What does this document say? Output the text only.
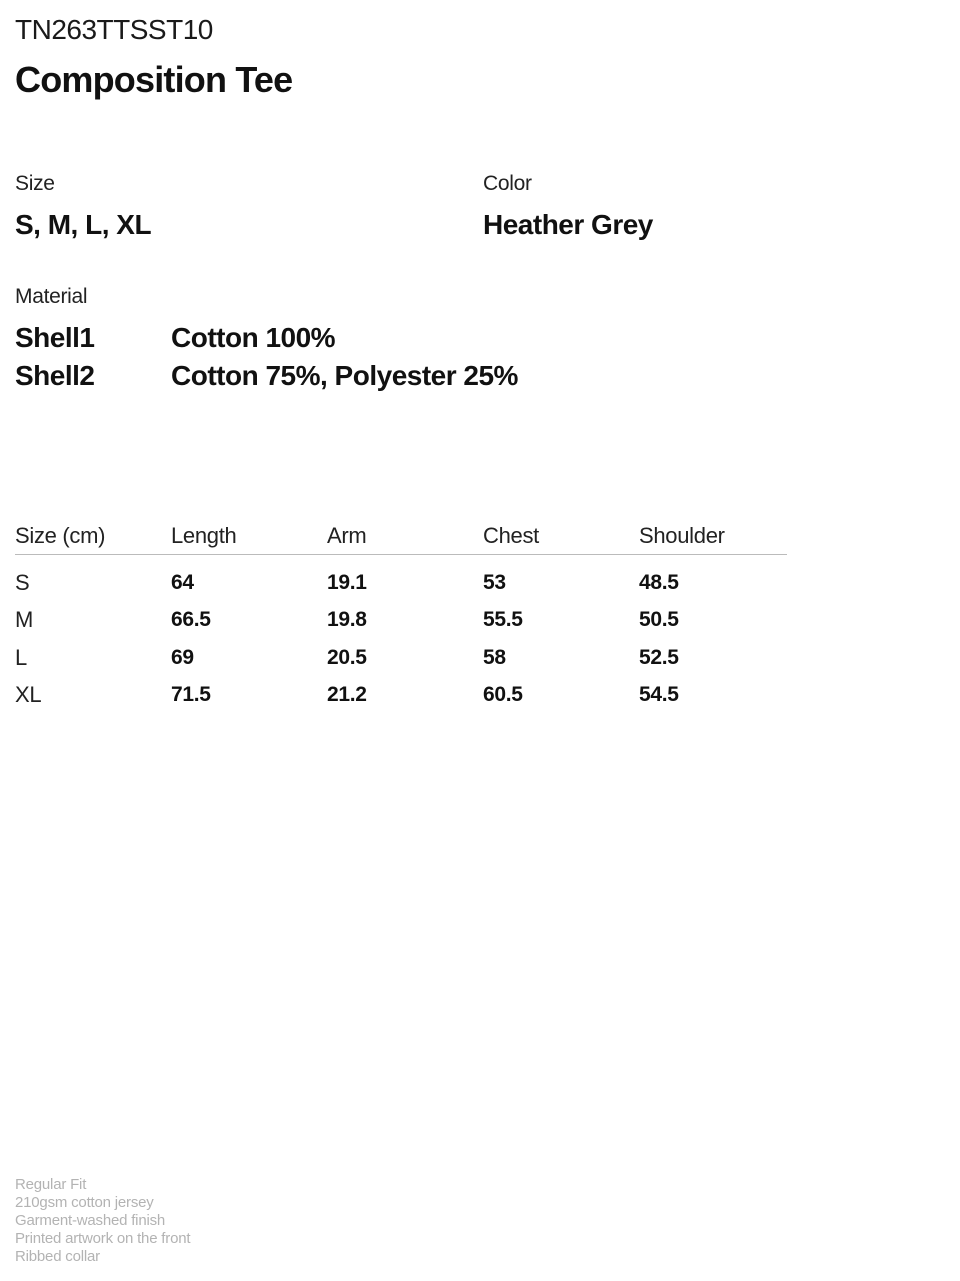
TN263TTSST10
Composition Tee
Size
S, M, L, XL
Color
Heather Grey
Material
Shell1	Cotton 100%
Shell2	Cotton 75%, Polyester 25%
Size (cm)	Length	Arm	Chest	Shoulder
S	64	19.1	53	48.5
M	66.5	19.8	55.5	50.5
L	69	20.5	58	52.5
XL	71.5	21.2	60.5	54.5
Regular Fit
210gsm cotton jersey
Garment-washed finish
Printed artwork on the front
Ribbed collar
